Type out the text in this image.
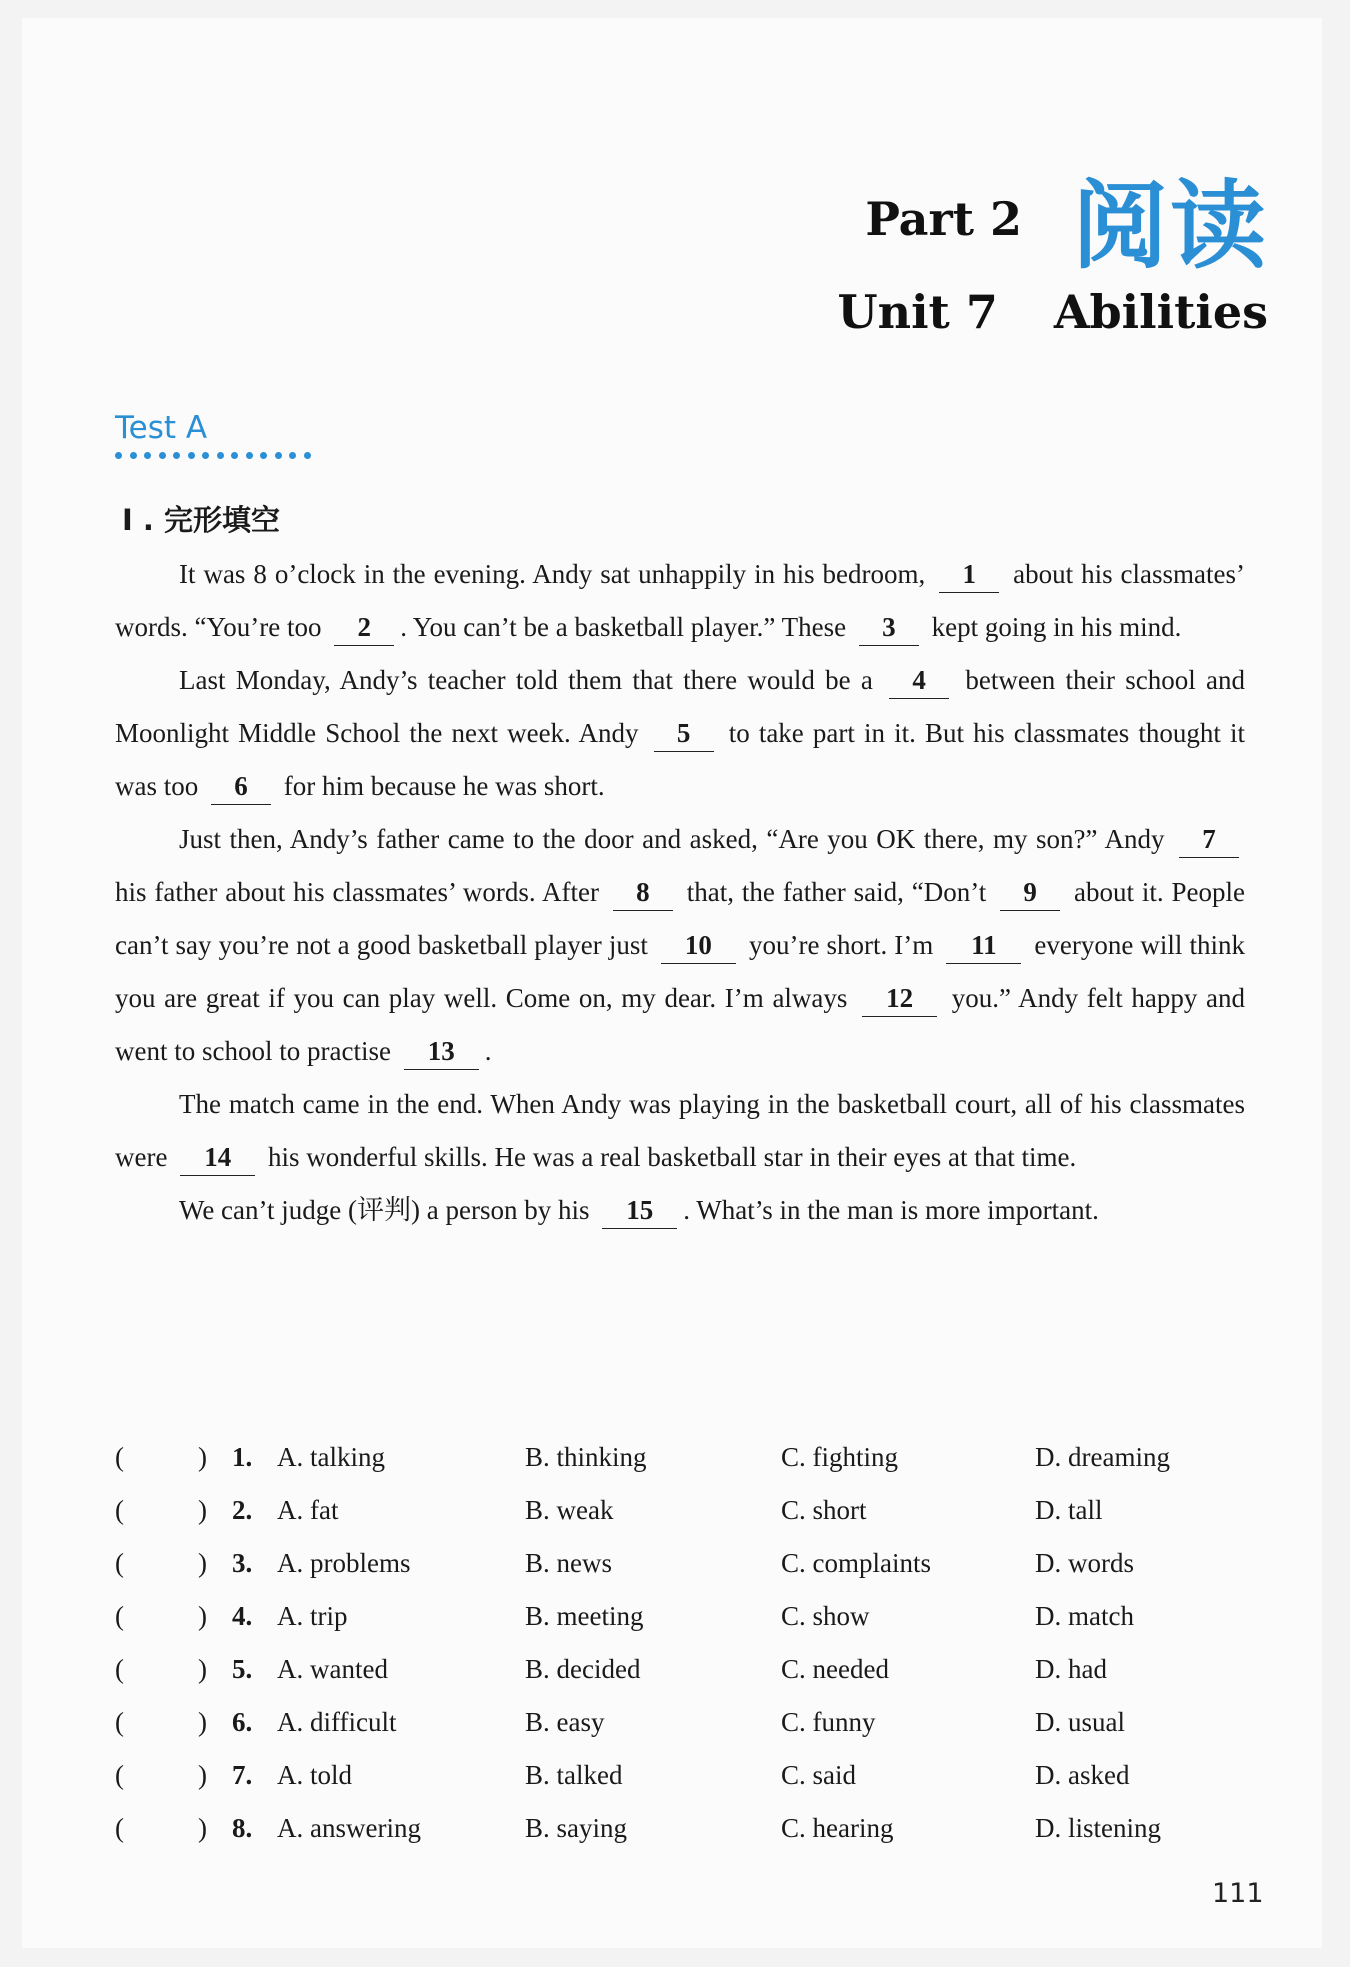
Part 2 阅读
Unit 7 Abilities
Test A
I . 完形填空

It was 8 o’clock in the evening. Andy sat unhappily in his bedroom, 1 about his classmates’ words. “You’re too 2 . You can’t be a basketball player.” These 3 kept going in his mind.

Last Monday, Andy’s teacher told them that there would be a 4 between their school and Moonlight Middle School the next week. Andy 5 to take part in it. But his classmates thought it was too 6 for him because he was short.

Just then, Andy’s father came to the door and asked, “Are you OK there, my son?” Andy 7 his father about his classmates’ words. After 8 that, the father said, “Don’t 9 about it. People can’t say you’re not a good basketball player just 10 you’re short. I’m 11 everyone will think you are great if you can play well. Come on, my dear. I’m always 12 you.” Andy felt happy and went to school to practise 13 .

The match came in the end. When Andy was playing in the basketball court, all of his classmates were 14 his wonderful skills. He was a real basketball star in their eyes at that time.

We can’t judge (评判) a person by his 15 . What’s in the man is more important.

(	) 1. A. talking	B. thinking	C. fighting	D. dreaming
(	) 2. A. fat	B. weak	C. short	D. tall
(	) 3. A. problems	B. news	C. complaints	D. words
(	) 4. A. trip	B. meeting	C. show	D. match
(	) 5. A. wanted	B. decided	C. needed	D. had
(	) 6. A. difficult	B. easy	C. funny	D. usual
(	) 7. A. told	B. talked	C. said	D. asked
(	) 8. A. answering	B. saying	C. hearing	D. listening
111
